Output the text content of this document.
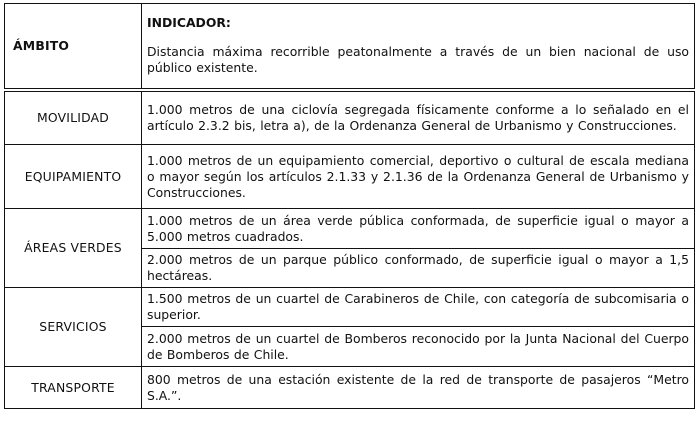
ÁMBITO	INDICADOR:
Distancia máxima recorrible peatonalmente a través de un bien nacional de uso público existente.

MOVILIDAD	1.000 metros de una ciclovía segregada físicamente conforme a lo señalado en el artículo 2.3.2 bis, letra a), de la Ordenanza General de Urbanismo y Construcciones.
EQUIPAMIENTO	1.000 metros de un equipamiento comercial, deportivo o cultural de escala mediana o mayor según los artículos 2.1.33 y 2.1.36 de la Ordenanza General de Urbanismo y Construcciones.
ÁREAS VERDES	1.000 metros de un área verde pública conformada, de superficie igual o mayor a 5.000 metros cuadrados.
	2.000 metros de un parque público conformado, de superficie igual o mayor a 1,5 hectáreas.
SERVICIOS	1.500 metros de un cuartel de Carabineros de Chile, con categoría de subcomisaria o superior.
	2.000 metros de un cuartel de Bomberos reconocido por la Junta Nacional del Cuerpo de Bomberos de Chile.
TRANSPORTE	800 metros de una estación existente de la red de transporte de pasajeros “Metro S.A.”.
